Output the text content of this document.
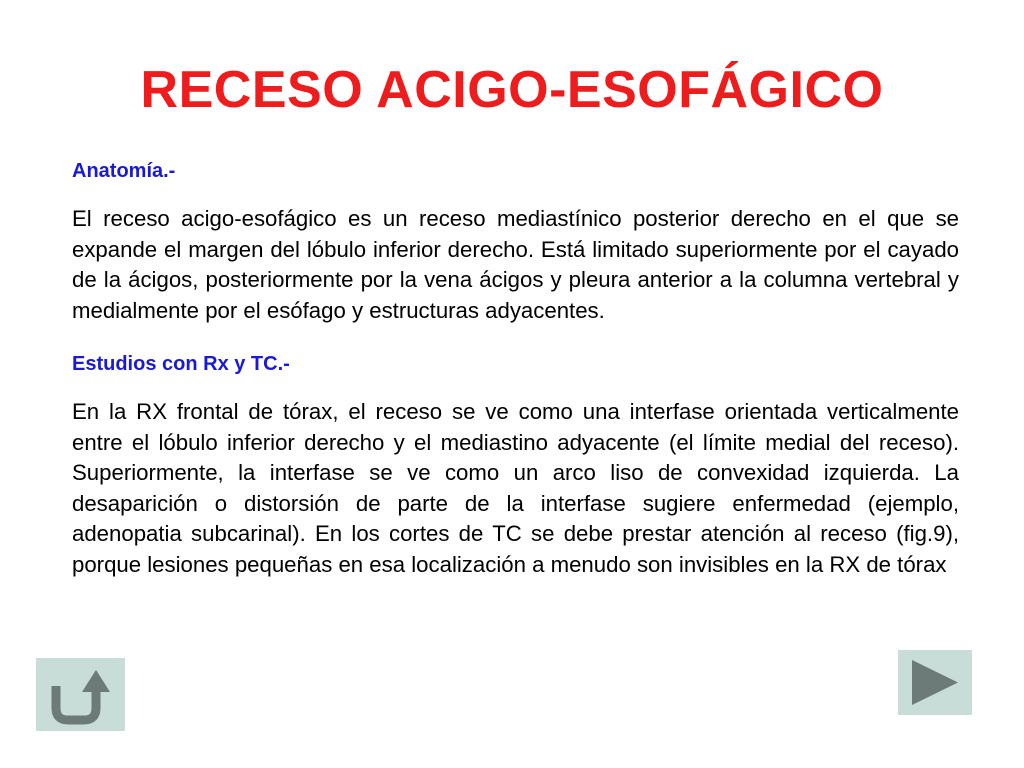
RECESO ACIGO-ESOFÁGICO

Anatomía.-

El receso acigo-esofágico es un receso mediastínico posterior derecho en el que se expande el margen del lóbulo inferior derecho. Está limitado superiormente por el cayado de la ácigos, posteriormente por la vena ácigos y pleura anterior a la columna vertebral y medialmente por el esófago y estructuras adyacentes.

Estudios con Rx y TC.-

En la RX frontal de tórax, el receso se ve como una interfase orientada verticalmente entre el lóbulo inferior derecho y el mediastino adyacente (el límite medial del receso). Superiormente, la interfase se ve como un arco liso de convexidad izquierda. La desaparición o distorsión de parte de la interfase sugiere enfermedad (ejemplo, adenopatia subcarinal). En los cortes de TC se debe prestar atención al receso (fig.9), porque lesiones pequeñas en esa localización a menudo son invisibles en la RX de tórax
